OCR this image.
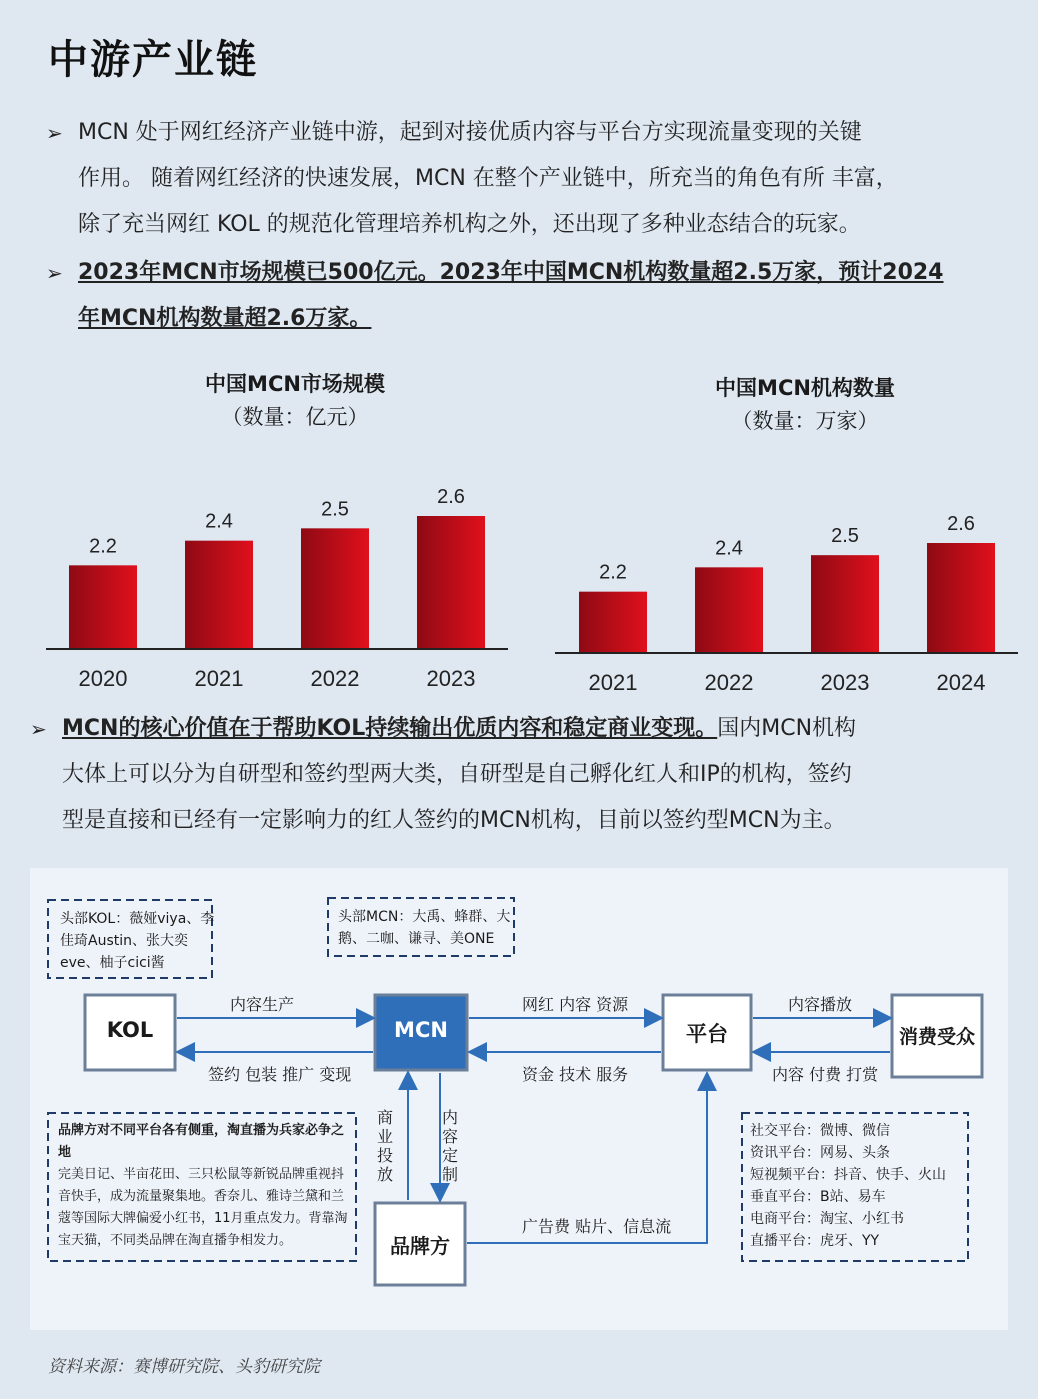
中游产业链
➢ MCN 处于网红经济产业链中游，起到对接优质内容与平台方实现流量变现的关键
作用。 随着网红经济的快速发展，MCN 在整个产业链中，所充当的角色有所 丰富，
除了充当网红 KOL 的规范化管理培养机构之外，还出现了多种业态结合的玩家。
➢ 2023年MCN市场规模已500亿元。2023年中国MCN机构数量超2.5万家，预计2024
年MCN机构数量超2.6万家。
中国MCN市场规模
（数量：亿元）
中国MCN机构数量
（数量：万家）
2.2
2020
2.4
2021
2.5
2022
2.6
2023
2.2
2021
2.4
2022
2.5
2023
2.6
2024
➢ MCN的核心价值在于帮助KOL持续输出优质内容和稳定商业变现。国内MCN机构
大体上可以分为自研型和签约型两大类，自研型是自己孵化红人和IP的机构，签约
型是直接和已经有一定影响力的红人签约的MCN机构，目前以签约型MCN为主。
头部KOL：薇娅viya、李
佳琦Austin、张大奕
eve、柚子cici酱
头部MCN：大禹、蜂群、大
鹅、二咖、谦寻、美ONE
KOL	MCN	平台	消费受众
品牌方
内容生产
签约 包装 推广 变现
网红 内容 资源
资金 技术 服务
内容播放
内容 付费 打赏
商业投放
内容定制
广告费 贴片、信息流
品牌方对不同平台各有侧重，淘直播为兵家必争之
地
完美日记、半亩花田、三只松鼠等新锐品牌重视抖
音快手，成为流量聚集地。香奈儿、雅诗兰黛和兰
蔻等国际大牌偏爱小红书，11月重点发力。背靠淘
宝天猫，不同类品牌在淘直播争相发力。
社交平台：微博、微信
资讯平台：网易、头条
短视频平台：抖音、快手、火山
垂直平台：B站、易车
电商平台：淘宝、小红书
直播平台：虎牙、YY
资料来源：赛博研究院、头豹研究院
